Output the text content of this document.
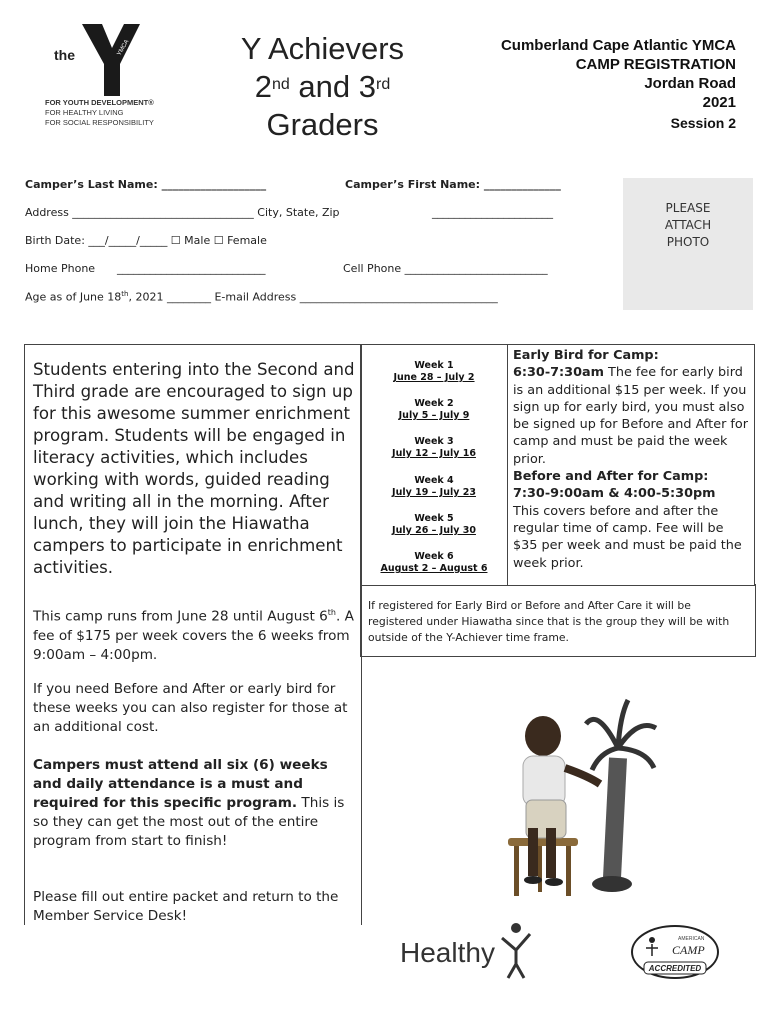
the	YMCA
FOR YOUTH DEVELOPMENT®
FOR HEALTHY LIVING
FOR SOCIAL RESPONSIBILITY
Y Achievers
2nd and 3rd
Graders
Cumberland Cape Atlantic YMCA
CAMP REGISTRATION
Jordan Road
2021
Session 2
Camper’s Last Name: ___________________	Camper’s First Name: ______________
Address _________________________________ City, State, Zip	______________________
Birth Date: ___/_____/_____ ☐ Male ☐ Female
Home Phone ___________________________	Cell Phone __________________________
Age as of June 18th, 2021 ________ E-mail Address ____________________________________
PLEASE
ATTACH
PHOTO
Students entering into the Second and Third grade are encouraged to sign up for this awesome summer enrichment program. Students will be engaged in literacy activities, which includes working with words, guided reading and writing all in the morning. After lunch, they will join the Hiawatha campers to participate in enrichment activities.

This camp runs from June 28 until August 6th. A fee of $175 per week covers the 6 weeks from 9:00am – 4:00pm.

If you need Before and After or early bird for these weeks you can also register for those at an additional cost.

Campers must attend all six (6) weeks and daily attendance is a must and required for this specific program. This is so they can get the most out of the entire program from start to finish!

Please fill out entire packet and return to the Member Service Desk!

Week 1
June 28 – July 2
Week 2
July 5 – July 9
Week 3
July 12 – July 16
Week 4
July 19 – July 23
Week 5
July 26 – July 30
Week 6
August 2 – August 6
Early Bird for Camp:
6:30-7:30am The fee for early bird is an additional $15 per week. If you sign up for early bird, you must also be signed up for Before and After for camp and must be paid the week prior.
Before and After for Camp:
7:30-9:00am & 4:00-5:30pm
This covers before and after the regular time of camp. Fee will be $35 per week and must be paid the week prior.
If registered for Early Bird or Before and After Care it will be registered under Hiawatha since that is the group they will be with outside of the Y-Achiever time frame.
Healthy	AMERICAN
CAMP
ACCREDITED
